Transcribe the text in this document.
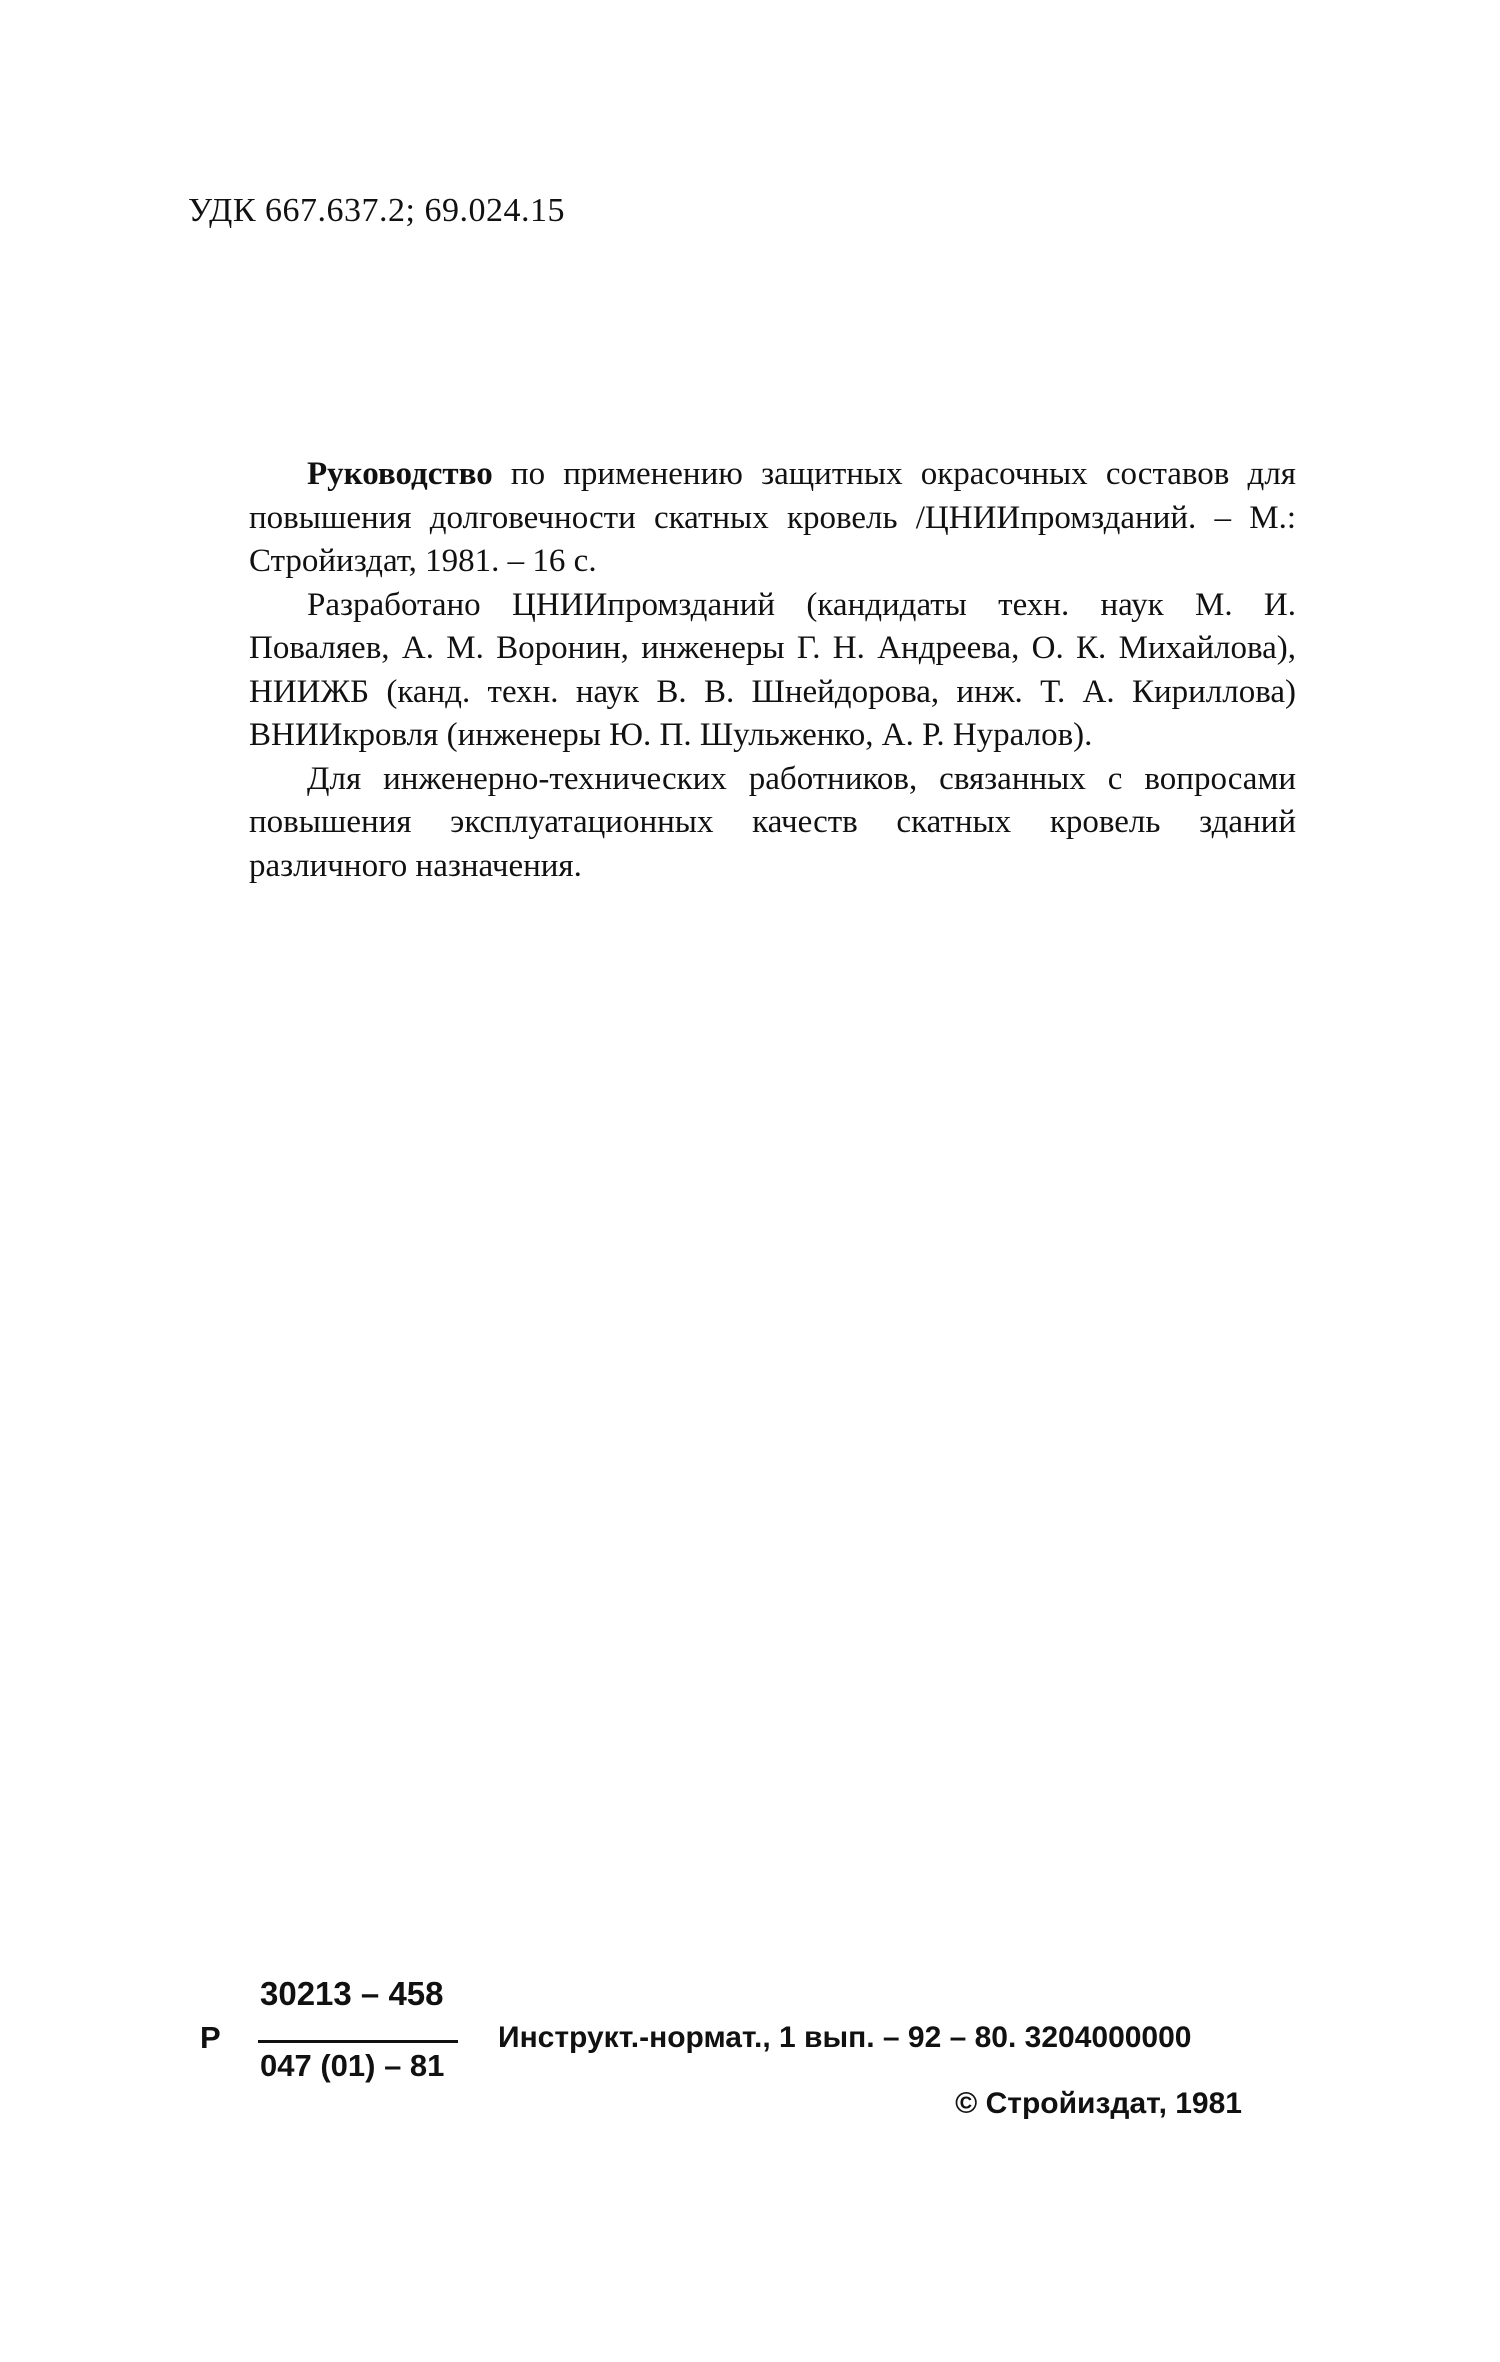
УДК 667.637.2; 69.024.15

Руководство по применению защитных окрасочных составов для повышения долговечности скатных кровель /ЦНИИпромзданий. – М.: Стройиздат, 1981. – 16 с.

Разработано ЦНИИпромзданий (кандидаты техн. наук М. И. Поваляев, А. М. Воронин, инженеры Г. Н. Андреева, О. К. Михайлова), НИИЖБ (канд. техн. наук В. В. Шнейдорова, инж. Т. А. Кириллова) ВНИИкровля (инженеры Ю. П. Шульженко, А. Р. Нуралов).

Для инженерно-технических работников, связанных с вопросами повышения эксплуатационных качеств скатных кровель зданий различного назначения.

Р
30213 – 458
047 (01) – 81
Инструкт.-нормат., 1 вып. – 92 – 80. 3204000000
© Стройиздат, 1981
